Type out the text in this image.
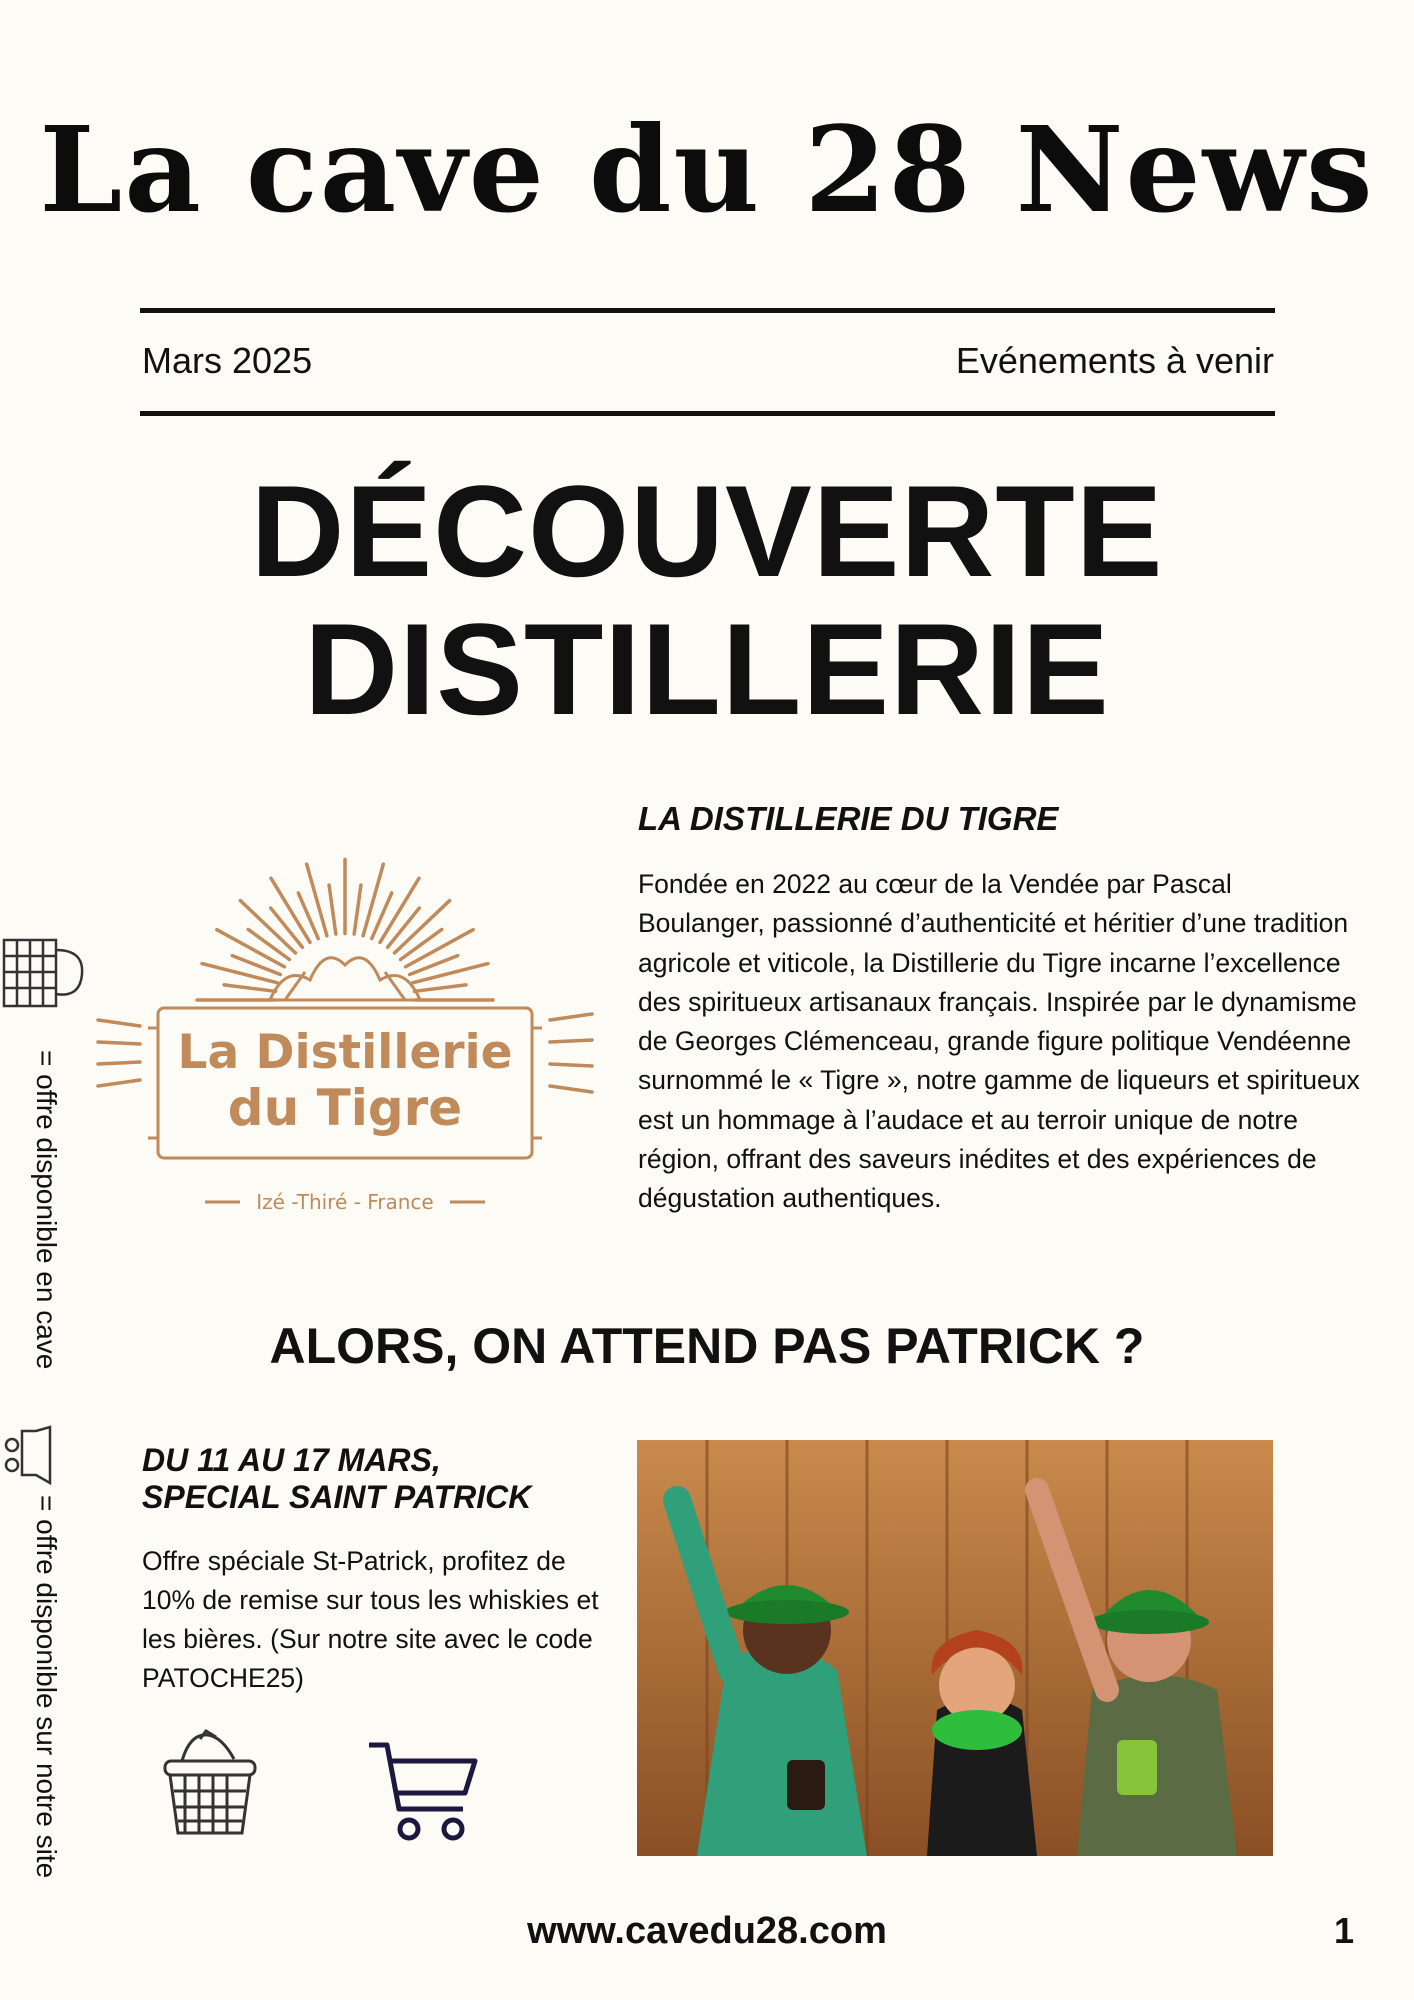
La cave du 28 News
Mars 2025	Evénements à venir
DÉCOUVERTE
DISTILLERIE
La Distillerie
du Tigre
Izé -Thiré - France
LA DISTILLERIE DU TIGRE
Fondée en 2022 au cœur de la Vendée par Pascal Boulanger, passionné d’authenticité et héritier d’une tradition agricole et viticole, la Distillerie du Tigre incarne l’excellence des spiritueux artisanaux français. Inspirée par le dynamisme de Georges Clémenceau, grande figure politique Vendéenne surnommé le « Tigre », notre gamme de liqueurs et spiritueux est un hommage à l’audace et au terroir unique de notre région, offrant des saveurs inédites et des expériences de dégustation authentiques.
ALORS, ON ATTEND PAS PATRICK ?
DU 11 AU 17 MARS,
SPECIAL SAINT PATRICK
Offre spéciale St-Patrick, profitez de 10% de remise sur tous les whiskies et les bières. (Sur notre site avec le code PATOCHE25)
= offre disponible en cave
= offre disponible sur notre site
www.cavedu28.com	1
